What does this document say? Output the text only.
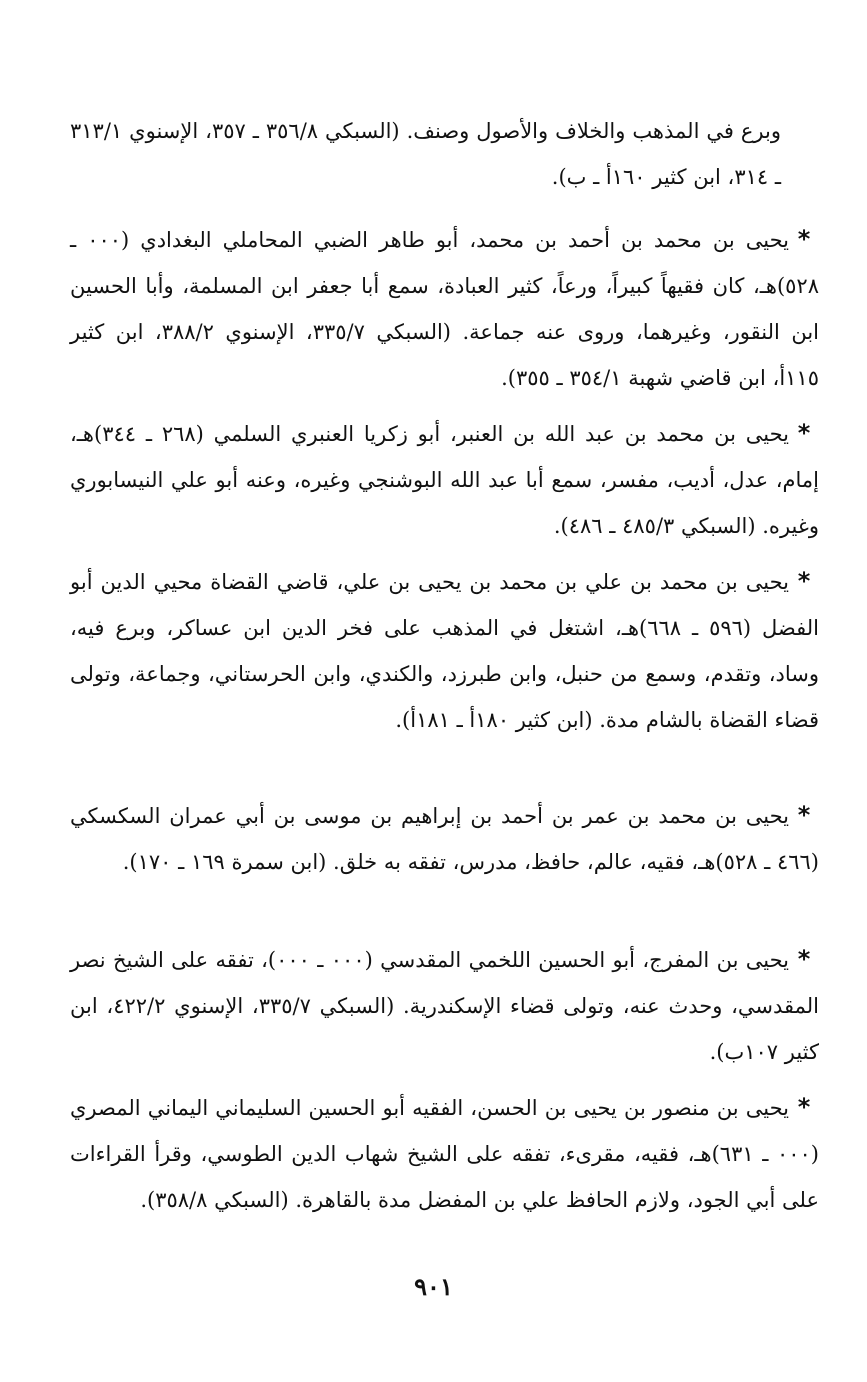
وبرع في المذهب والخلاف والأصول وصنف. (السبكي ٣٥٦/٨ ـ ٣٥٧، الإسنوي ٣١٣/١ ـ ٣١٤، ابن كثير ١٦٠أ ـ ب).
*يحيى بن محمد بن أحمد بن محمد، أبو طاهر الضبي المحاملي البغدادي (٠٠٠ ـ ٥٢٨)هـ، كان فقيهاً كبيراً، ورعاً، كثير العبادة، سمع أبا جعفر ابن المسلمة، وأبا الحسين ابن النقور، وغيرهما، وروى عنه جماعة. (السبكي ٣٣٥/٧، الإسنوي ٣٨٨/٢، ابن كثير ١١٥أ، ابن قاضي شهبة ٣٥٤/١ ـ ٣٥٥).
*يحيى بن محمد بن عبد الله بن العنبر، أبو زكريا العنبري السلمي (٢٦٨ ـ ٣٤٤)هـ، إمام، عدل، أديب، مفسر، سمع أبا عبد الله البوشنجي وغيره، وعنه أبو علي النيسابوري وغيره. (السبكي ٤٨٥/٣ ـ ٤٨٦).
*يحيى بن محمد بن علي بن محمد بن يحيى بن علي، قاضي القضاة محيي الدين أبو الفضل (٥٩٦ ـ ٦٦٨)هـ، اشتغل في المذهب على فخر الدين ابن عساكر، وبرع فيه، وساد، وتقدم، وسمع من حنبل، وابن طبرزد، والكندي، وابن الحرستاني، وجماعة، وتولى قضاء القضاة بالشام مدة. (ابن كثير ١٨٠أ ـ ١٨١أ).
*يحيى بن محمد بن عمر بن أحمد بن إبراهيم بن موسى بن أبي عمران السكسكي (٤٦٦ ـ ٥٢٨)هـ، فقيه، عالم، حافظ، مدرس، تفقه به خلق. (ابن سمرة ١٦٩ ـ ١٧٠).
*يحيى بن المفرج، أبو الحسين اللخمي المقدسي (٠٠٠ ـ ٠٠٠)، تفقه على الشيخ نصر المقدسي، وحدث عنه، وتولى قضاء الإسكندرية. (السبكي ٣٣٥/٧، الإسنوي ٤٢٢/٢، ابن كثير ١٠٧ب).
*يحيى بن منصور بن يحيى بن الحسن، الفقيه أبو الحسين السليماني اليماني المصري (٠٠٠ ـ ٦٣١)هـ، فقيه، مقرىء، تفقه على الشيخ شهاب الدين الطوسي، وقرأ القراءات على أبي الجود، ولازم الحافظ علي بن المفضل مدة بالقاهرة. (السبكي ٣٥٨/٨).
٩٠١
